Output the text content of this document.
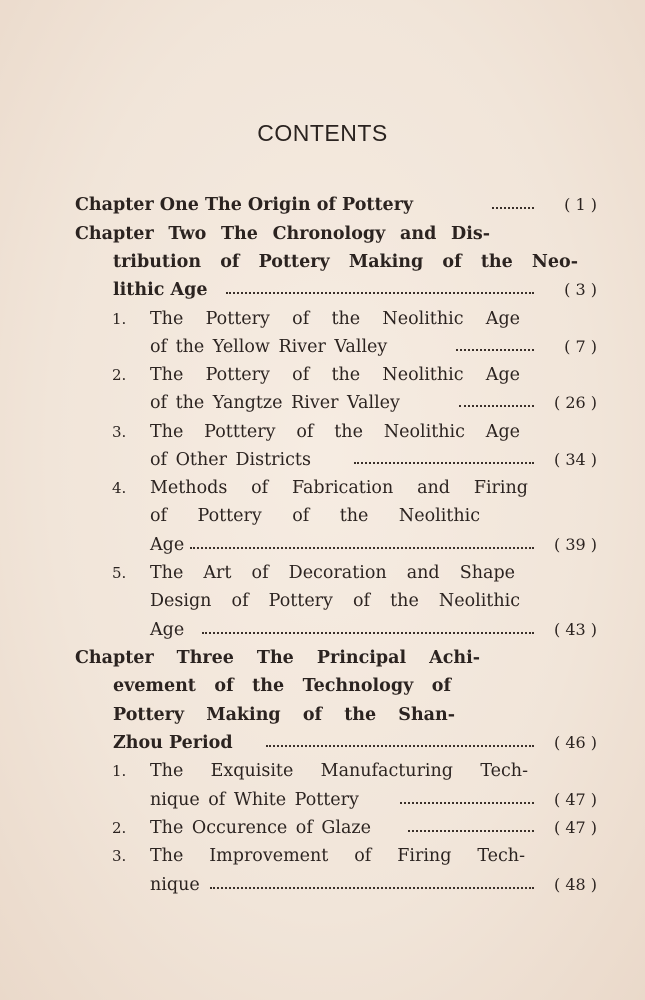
CONTENTS
Chapter One The Origin of Pottery	( 1 )
Chapter Two The Chronology and Dis-
tribution of Pottery Making of the Neo-
lithic Age	( 3 )
1. The Pottery of the Neolithic Age
of the Yellow River Valley	( 7 )
2. The Pottery of the Neolithic Age
of the Yangtze River Valley	( 26 )
3. The Potttery of the Neolithic Age
of Other Districts	( 34 )
4. Methods of Fabrication and Firing
of Pottery of the Neolithic
Age	( 39 )
5. The Art of Decoration and Shape
Design of Pottery of the Neolithic
Age	( 43 )
Chapter Three The Principal Achi-
evement of the Technology of
Pottery Making of the Shan-
Zhou Period	( 46 )
1. The Exquisite Manufacturing Tech-
nique of White Pottery	( 47 )
2. The Occurence of Glaze	( 47 )
3. The Improvement of Firing Tech-
nique	( 48 )
